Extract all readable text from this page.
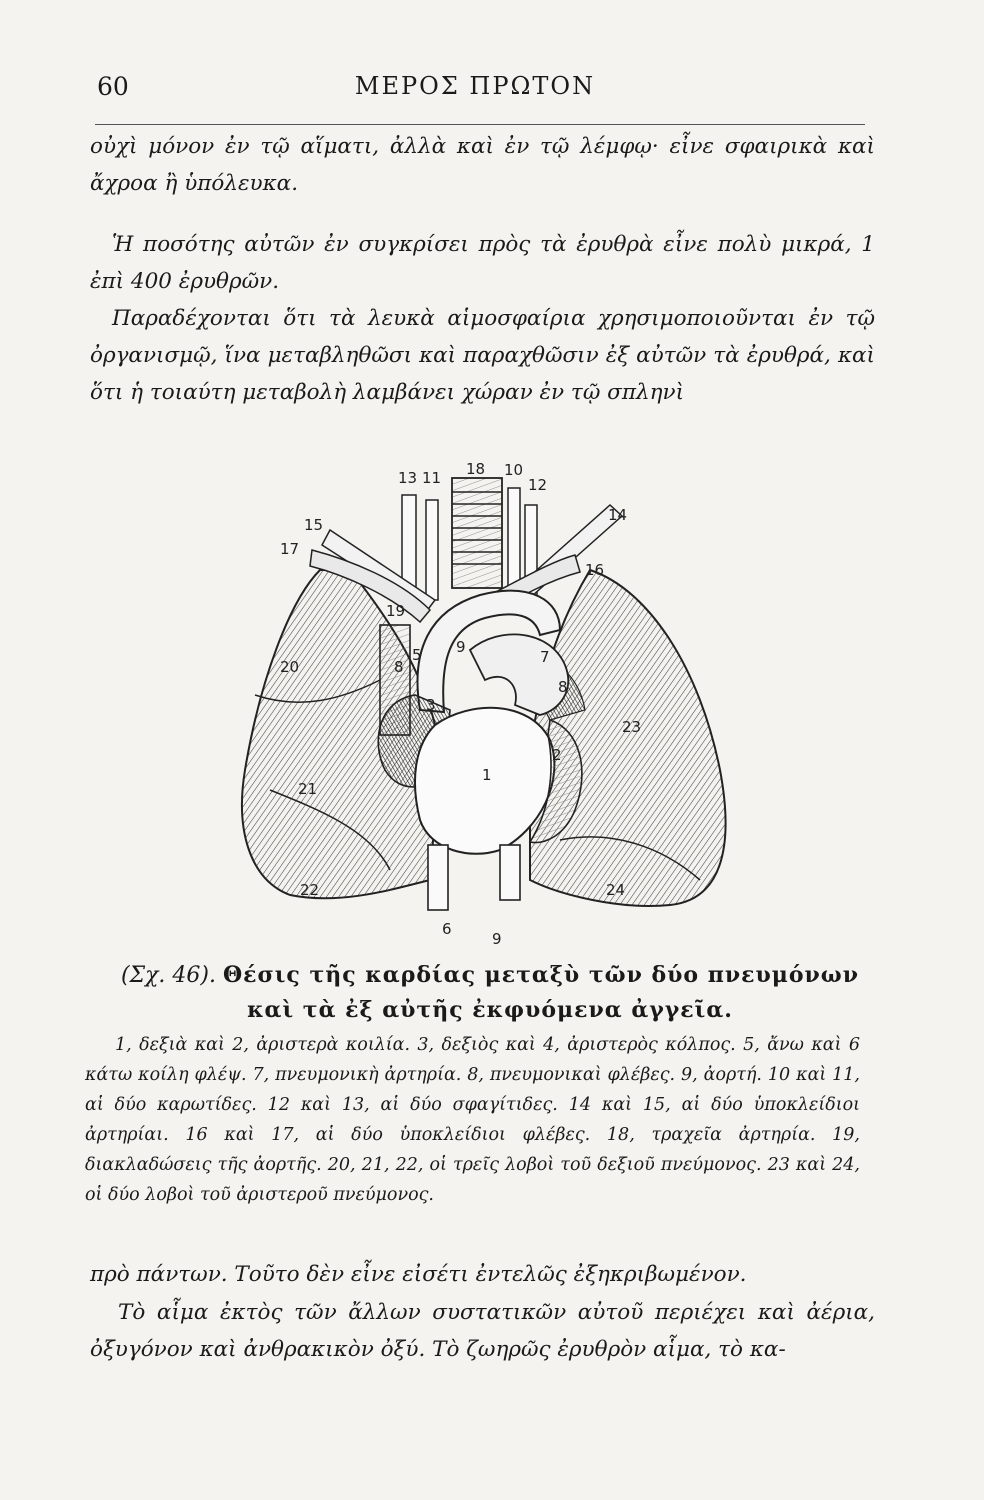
60	ΜΕΡΟΣ ΠΡΩΤΟΝ

οὐχὶ μόνον ἐν τῷ αἵματι, ἀλλὰ καὶ ἐν τῷ λέμφῳ· εἶνε σφαιρικὰ καὶ ἄχροα ἢ ὑπόλευκα.

Ἡ ποσότης αὐτῶν ἐν συγκρίσει πρὸς τὰ ἐρυθρὰ εἶνε πολὺ μικρά, 1 ἐπὶ 400 ἐρυθρῶν.

Παραδέχονται ὅτι τὰ λευκὰ αἱμοσφαίρια χρησιμοποιοῦνται ἐν τῷ ὀργανισμῷ, ἵνα μεταβληθῶσι καὶ παραχθῶσιν ἐξ αὐτῶν τὰ ἐρυθρά, καὶ ὅτι ἡ τοιαύτη μεταβολὴ λαμβάνει χώραν ἐν τῷ σπληνὶ

13 11 18 10
12
14
15
17
16
19
20	8
5 9
7
8
3
23
2
1
21
22	24
6
9

(Σχ. 46). Θέσις τῆς καρδίας μεταξὺ τῶν δύο πνευμόνων
καὶ τὰ ἐξ αὐτῆς ἐκφυόμενα ἀγγεῖα.

1, δεξιὰ καὶ 2, ἀριστερὰ κοιλία. 3, δεξιὸς καὶ 4, ἀριστερὸς κόλπος. 5, ἄνω καὶ 6 κάτω κοίλη φλέψ. 7, πνευμονικὴ ἀρτηρία. 8, πνευμονικαὶ φλέβες. 9, ἀορτή. 10 καὶ 11, αἱ δύο καρωτίδες. 12 καὶ 13, αἱ δύο σφαγίτιδες. 14 καὶ 15, αἱ δύο ὑποκλείδιοι ἀρτηρίαι. 16 καὶ 17, αἱ δύο ὑποκλείδιοι φλέβες. 18, τραχεῖα ἀρτηρία. 19, διακλαδώσεις τῆς ἀορτῆς. 20, 21, 22, οἱ τρεῖς λοβοὶ τοῦ δεξιοῦ πνεύμονος. 23 καὶ 24, οἱ δύο λοβοὶ τοῦ ἀριστεροῦ πνεύμονος.

πρὸ πάντων. Τοῦτο δὲν εἶνε εἰσέτι ἐντελῶς ἐξηκριβωμένον.

Τὸ αἷμα ἐκτὸς τῶν ἄλλων συστατικῶν αὐτοῦ περιέχει καὶ ἀέρια, ὀξυγόνον καὶ ἀνθρακικὸν ὀξύ. Τὸ ζωηρῶς ἐρυθρὸν αἷμα, τὸ κα-
